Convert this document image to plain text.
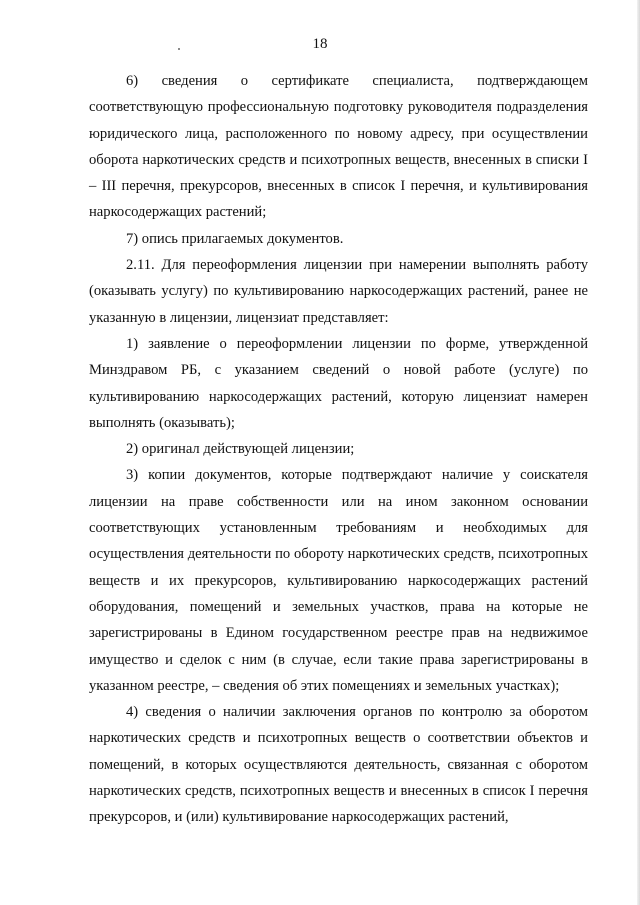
18

6) сведения о сертификате специалиста, подтверждающем соответствующую профессиональную подготовку руководителя подразделения юридического лица, расположенного по новому адресу, при осуществлении оборота наркотических средств и психотропных веществ, внесенных в списки I – III перечня, прекурсоров, внесенных в список I перечня, и культивирования наркосодержащих растений;

7) опись прилагаемых документов.

2.11. Для переоформления лицензии при намерении выполнять работу (оказывать услугу) по культивированию наркосодержащих растений, ранее не указанную в лицензии, лицензиат представляет:

1) заявление о переоформлении лицензии по форме, утвержденной Минздравом РБ, с указанием сведений о новой работе (услуге) по культивированию наркосодержащих растений, которую лицензиат намерен выполнять (оказывать);

2) оригинал действующей лицензии;

3) копии документов, которые подтверждают наличие у соискателя лицензии на праве собственности или на ином законном основании соответствующих установленным требованиям и необходимых для осуществления деятельности по обороту наркотических средств, психотропных веществ и их прекурсоров, культивированию наркосодержащих растений оборудования, помещений и земельных участков, права на которые не зарегистрированы в Едином государственном реестре прав на недвижимое имущество и сделок с ним (в случае, если такие права зарегистрированы в указанном реестре, – сведения об этих помещениях и земельных участках);

4) сведения о наличии заключения органов по контролю за оборотом наркотических средств и психотропных веществ о соответствии объектов и помещений, в которых осуществляются деятельность, связанная с оборотом наркотических средств, психотропных веществ и внесенных в список I перечня прекурсоров, и (или) культивирование наркосодержащих растений,
